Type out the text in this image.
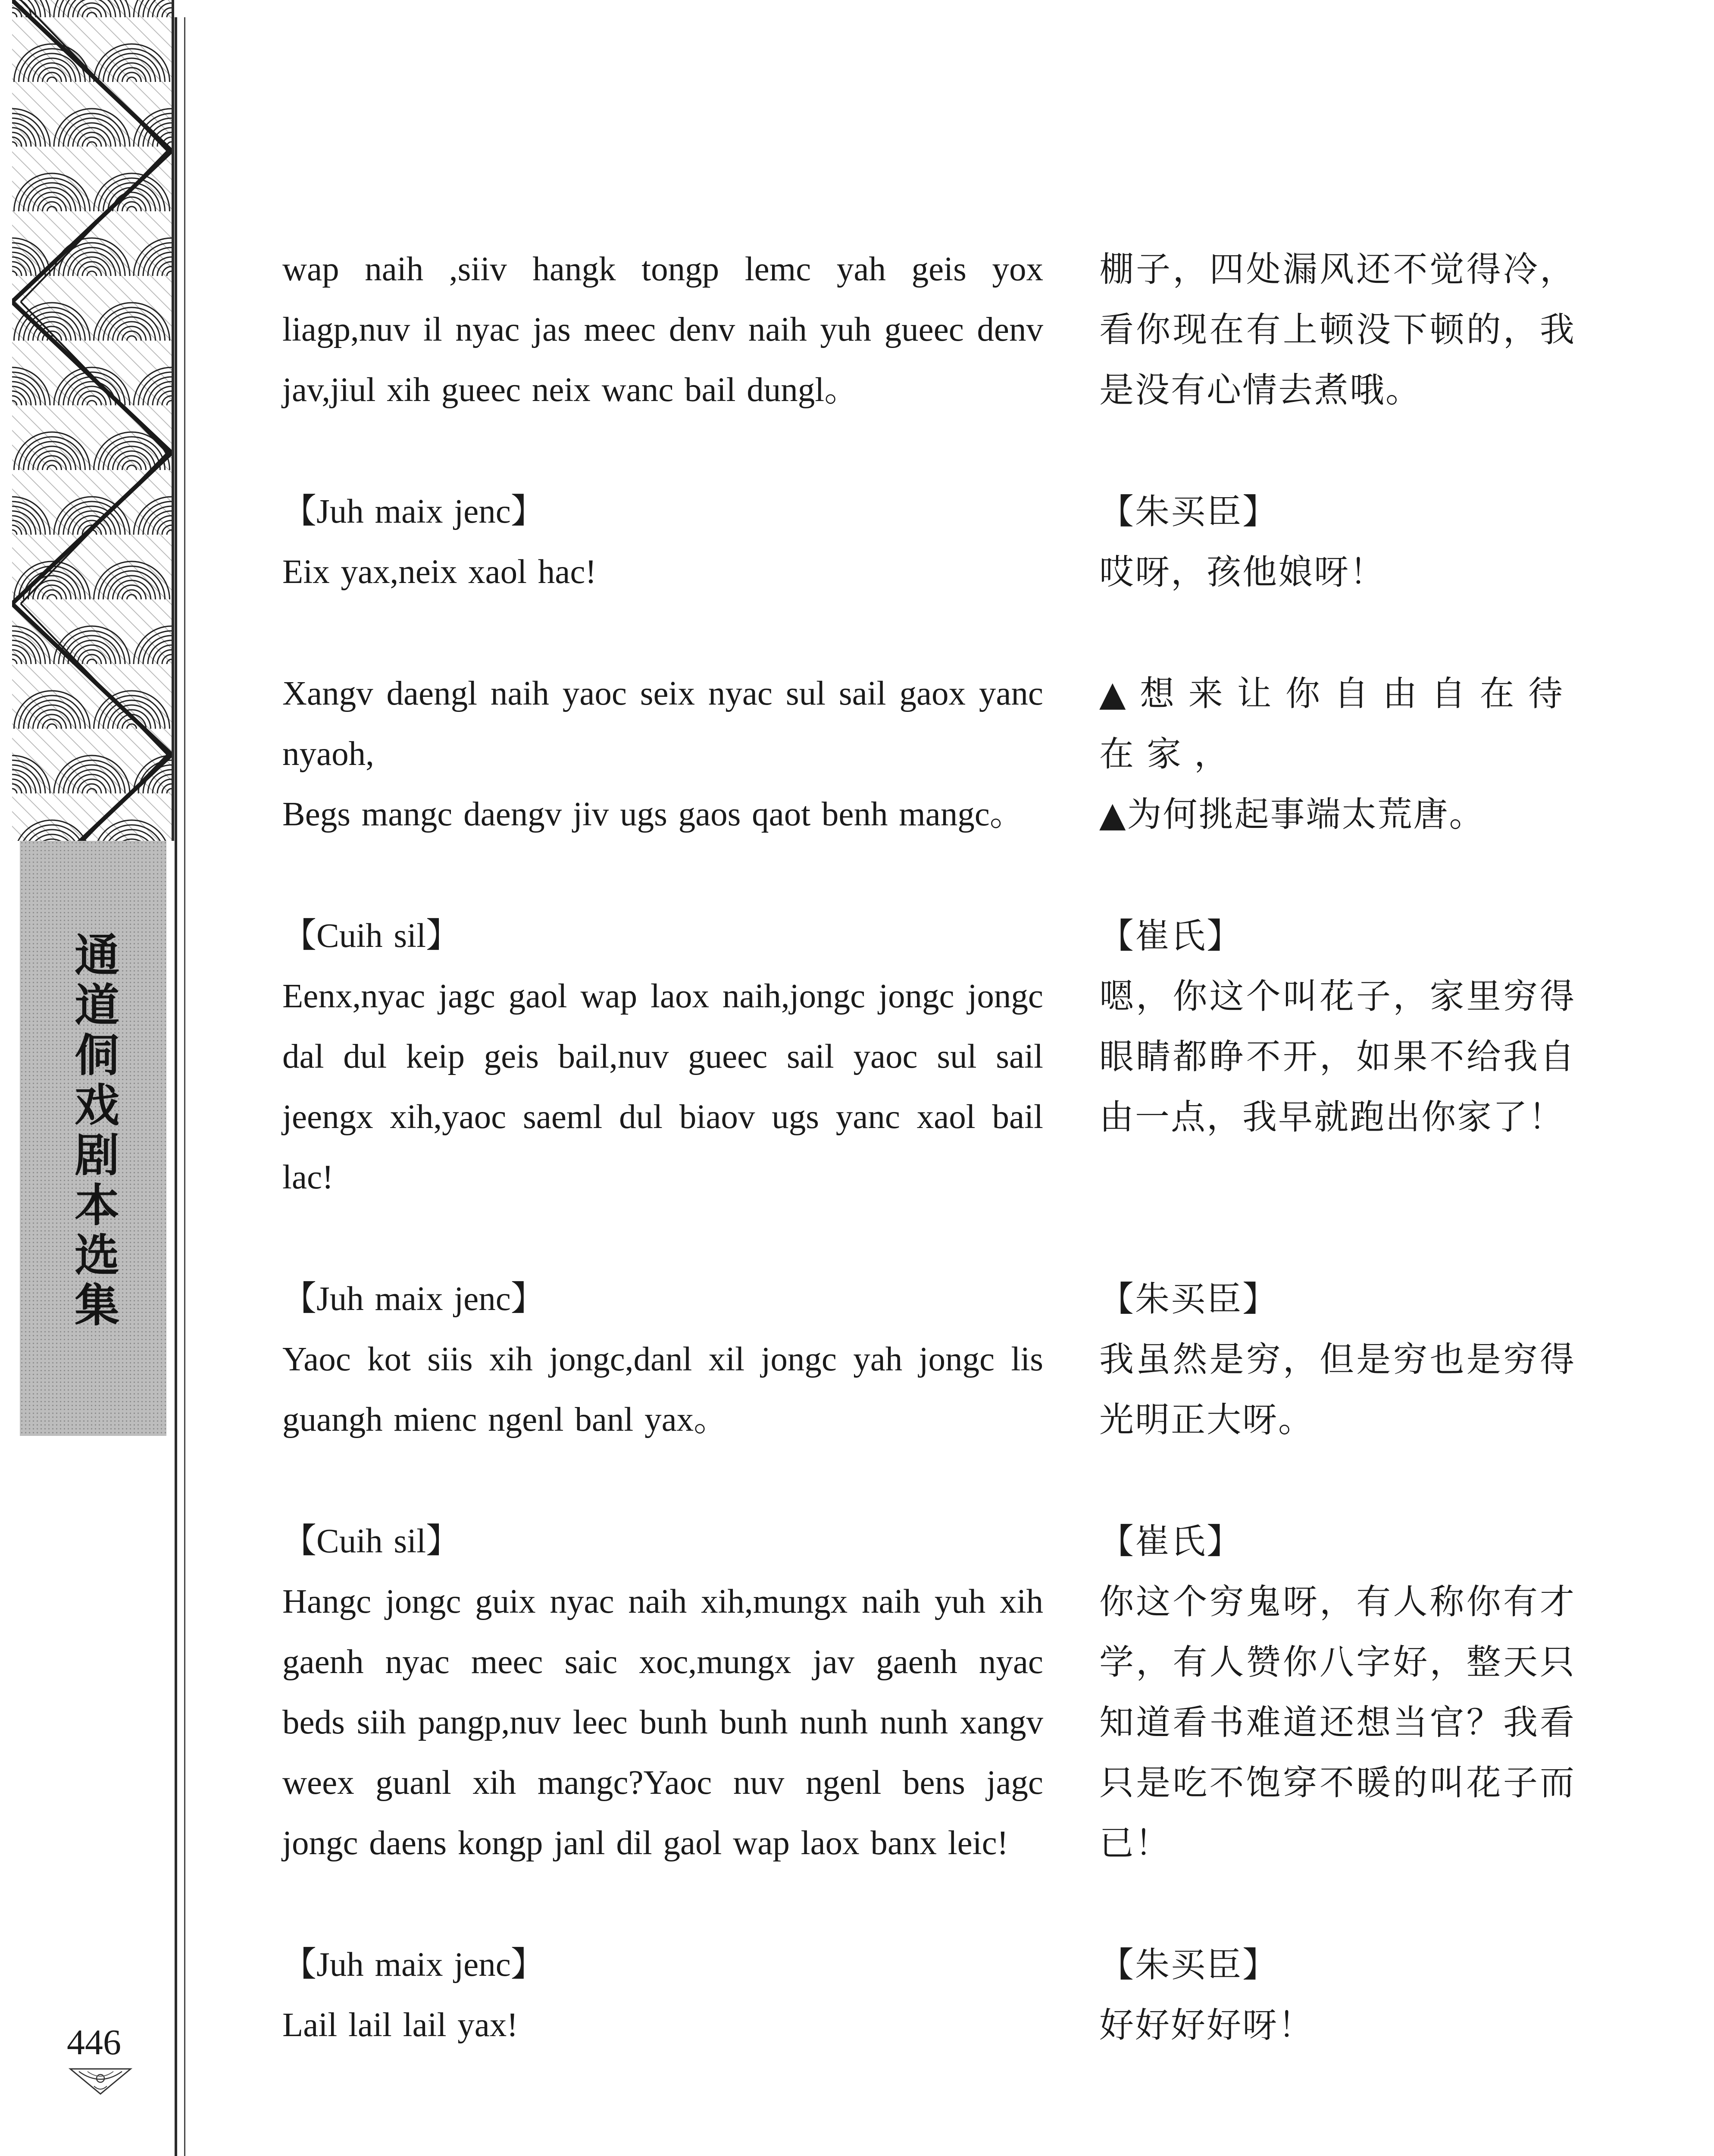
通道侗戏剧本选集
446
wap naih ,siiv hangk tongp lemc yah geis yox liagp,nuv il nyac jas meec denv naih yuh gueec denv jav,jiul xih gueec neix wanc bail dungl。
棚子，四处漏风还不觉得冷，看你现在有上顿没下顿的，我是没有心情去煮哦。
【Juh maix jenc】
Eix yax,neix xaol hac!
【朱买臣】
哎呀，孩他娘呀！
Xangv daengl naih yaoc seix nyac sul sail gaox yanc nyaoh,
Begs mangc daengv jiv ugs gaos qaot benh mangc。
▲想来让你自由自在待在家，
▲为何挑起事端太荒唐。
【Cuih sil】
Eenx,nyac jagc gaol wap laox naih,jongc jongc jongc dal dul keip geis bail,nuv gueec sail yaoc sul sail jeengx xih,yaoc saeml dul biaov ugs yanc xaol bail lac!
【崔氏】
嗯，你这个叫花子，家里穷得眼睛都睁不开，如果不给我自由一点，我早就跑出你家了！
【Juh maix jenc】
Yaoc kot siis xih jongc,danl xil jongc yah jongc lis guangh mienc ngenl banl yax。
【朱买臣】
我虽然是穷，但是穷也是穷得光明正大呀。
【Cuih sil】
Hangc jongc guix nyac naih xih,mungx naih yuh xih gaenh nyac meec saic xoc,mungx jav gaenh nyac beds siih pangp,nuv leec bunh bunh nunh nunh xangv weex guanl xih mangc?Yaoc nuv ngenl bens jagc jongc daens kongp janl dil gaol wap laox banx leic!
【崔氏】
你这个穷鬼呀，有人称你有才学，有人赞你八字好，整天只知道看书难道还想当官？我看只是吃不饱穿不暖的叫花子而已！
【Juh maix jenc】
Lail lail lail yax!
【朱买臣】
好好好好呀！
